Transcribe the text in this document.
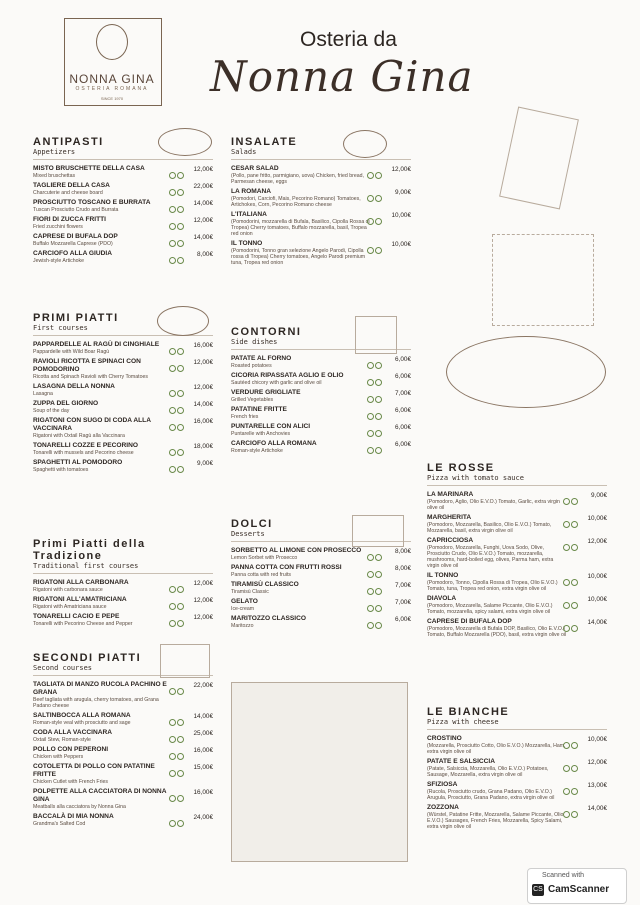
NONNA GINA
OSTERIA ROMANA
SINCE 1970
Osteria da
Nonna Gina
ANTIPASTI
Appetizers
MISTO BRUSCHETTE DELLA CASA
Mixed bruschettas
12,00€
TAGLIERE DELLA CASA
Charcuterie and cheese board
22,00€
PROSCIUTTO TOSCANO E BURRATA
Tuscan Prosciutto Crudo and Burrata
14,00€
FIORI DI ZUCCA FRITTI
Fried zucchini flowers
12,00€
CAPRESE DI BUFALA DOP
Buffalo Mozzarella Caprese (PDO)
14,00€
CARCIOFO ALLA GIUDIA
Jewish-style Artichoke
8,00€
PRIMI PIATTI
First courses
PAPPARDELLE AL RAGÙ DI CINGHIALE
Pappardelle with Wild Boar Ragù
16,00€
RAVIOLI RICOTTA E SPINACI CON POMODORINO
Ricotta and Spinach Ravioli with Cherry Tomatoes
12,00€
LASAGNA DELLA NONNA
Lasagna
12,00€
ZUPPA DEL GIORNO
Soup of the day
14,00€
RIGATONI CON SUGO DI CODA ALLA VACCINARA
Rigatoni with Oxtail Ragù alla Vaccinara
16,00€
TONARELLI COZZE E PECORINO
Tonarelli with mussels and Pecorino cheese
18,00€
SPAGHETTI AL POMODORO
Spaghetti with tomatoes
9,00€
Primi Piatti della Tradizione
Traditional first courses
RIGATONI ALLA CARBONARA
Rigatoni with carbonara sauce
12,00€
RIGATONI ALL'AMATRICIANA
Rigatoni with Amatriciana sauce
12,00€
TONARELLI CACIO E PEPE
Tonarelli with Pecorino Cheese and Pepper
12,00€
SECONDI PIATTI
Second courses
TAGLIATA DI MANZO RUCOLA PACHINO E GRANA
Beef tagliata with arugula, cherry tomatoes, and Grana Padano cheese
22,00€
SALTINBOCCA ALLA ROMANA
Roman-style veal with prosciutto and sage
14,00€
CODA ALLA VACCINARA
Oxtail Stew, Roman-style
25,00€
POLLO CON PEPERONI
Chicken with Peppers
16,00€
COTOLETTA DI POLLO CON PATATINE FRITTE
Chicken Cutlet with French Fries
15,00€
POLPETTE ALLA CACCIATORA DI NONNA GINA
Meatballs alla cacciatora by Nonna Gina
16,00€
BACCALÀ DI MIA NONNA
Grandma's Salted Cod
24,00€
INSALATE
Salads
CESAR SALAD
(Pollo, pane fritto, parmigiano, uova) Chicken, fried bread, Parmesan cheese, eggs
12,00€
LA ROMANA
(Pomodori, Carciofi, Mais, Pecorino Romano) Tomatoes, Artichokes, Corn, Pecorino Romano cheese
9,00€
L'ITALIANA
(Pomodorini, mozzarella di Bufala, Basilico, Cipolla Rossa di Tropea) Cherry tomatoes, Buffalo mozzarella, basil, Tropea red onion
10,00€
IL TONNO
(Pomodorini, Tonno gran selezione Angelo Parodi, Cipolla rossa di Tropea) Cherry tomatoes, Angelo Parodi premium tuna, Tropea red onion
10,00€
CONTORNI
Side dishes
PATATE AL FORNO
Roasted potatoes
6,00€
CICORIA RIPASSATA AGLIO E OLIO
Sautéed chicory with garlic and olive oil
6,00€
VERDURE GRIGLIATE
Grilled Vegetables
7,00€
PATATINE FRITTE
French fries
6,00€
PUNTARELLE CON ALICI
Puntarelle with Anchovies
6,00€
CARCIOFO ALLA ROMANA
Roman-style Artichoke
6,00€
DOLCI
Desserts
SORBETTO AL LIMONE CON PROSECCO
Lemon Sorbet with Prosecco
8,00€
PANNA COTTA CON FRUTTI ROSSI
Panna cotta with red fruits
8,00€
TIRAMISÙ CLASSICO
Tiramisù Classic
7,00€
GELATO
Ice-cream
7,00€
MARITOZZO CLASSICO
Maritozzo
6,00€
LE ROSSE
Pizza with tomato sauce
LA MARINARA
(Pomodoro, Aglio, Olio E.V.O.) Tomato, Garlic, extra virgin olive oil
9,00€
MARGHERITA
(Pomodoro, Mozzarella, Basilico, Olio E.V.O.) Tomato, Mozzarella, basil, extra virgin olive oil
10,00€
CAPRICCIOSA
(Pomodoro, Mozzarella, Funghi, Uova Sodo, Olive, Prosciutto Crudo, Olio E.V.O.) Tomato, mozzarella, mushrooms, hard-boiled egg, olives, Parma ham, extra virgin olive oil
12,00€
IL TONNO
(Pomodoro, Tonno, Cipolla Rossa di Tropea, Olio E.V.O.) Tomato, tuna, Tropea red onion, extra virgin olive oil
10,00€
DIAVOLA
(Pomodoro, Mozzarella, Salame Piccante, Olio E.V.O.) Tomato, mozzarella, spicy salami, extra virgin olive oil
10,00€
CAPRESE DI BUFALA DOP
(Pomodoro, Mozzarella di Bufala DOP, Basilico, Olio E.V.O.) Tomato, Buffalo Mozzarella (PDO), basil, extra virgin olive oil
14,00€
LE BIANCHE
Pizza with cheese
CROSTINO
(Mozzarella, Prosciutto Cotto, Olio E.V.O.) Mozzarella, Ham, extra virgin olive oil
10,00€
PATATE E SALSICCIA
(Patate, Salsiccia, Mozzarella, Olio E.V.O.) Potatoes, Sausage, Mozzarella, extra virgin olive oil
12,00€
SFIZIOSA
(Rucola, Prosciutto crudo, Grana Padano, Olio E.V.O.) Arugula, Prosciutto, Grana Padano, extra virgin olive oil
13,00€
ZOZZONA
(Würstel, Patatine Fritte, Mozzarella, Salame Piccante, Olio E.V.O.) Sausages, French Fries, Mozzarella, Spicy Salami, extra virgin olive oil
14,00€
Scanned with
CS CamScanner
